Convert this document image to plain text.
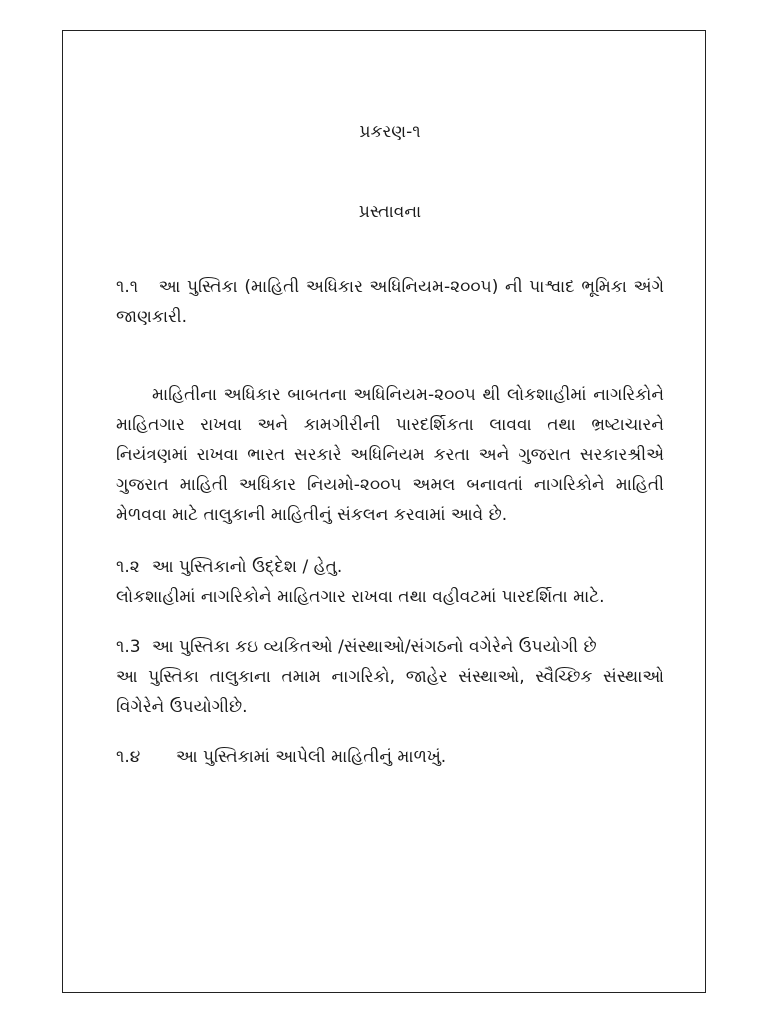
પ્રકરણ-૧

પ્રસ્તાવના

૧.૧ આ પુસ્તિકા (માહિતી અધિકાર અધિનિયમ-૨૦૦૫) ની પાશ્વાદ ભૂમિકા અંગે જાણકારી.

માહિતીના અધિકાર બાબતના અધિનિયમ-૨૦૦૫ થી લોકશાહીમાં નાગરિકોને માહિતગાર રાખવા અને કામગીરીની પારદર્શિકતા લાવવા તથા ભ્રષ્ટાચારને નિયંત્રણમાં રાખવા ભારત સરકારે અધિનિયમ કરતા અને ગુજરાત સરકારશ્રીએ ગુજરાત માહિતી અધિકાર નિયમો-૨૦૦૫ અમલ બનાવતાં નાગરિકોને માહિતી મેળવવા માટે તાલુકાની માહિતીનું સંકલન કરવામાં આવે છે.

૧.૨ આ પુસ્તિકાનો ઉદ્દેશ / હેતુ.
લોકશાહીમાં નાગરિકોને માહિતગાર રાખવા તથા વહીવટમાં પારદર્શિતા માટે.

૧.3 આ પુસ્તિકા કઇ વ્યકિતઓ /સંસ્થાઓ/સંગઠનો વગેરેને ઉપયોગી છે
આ પુસ્તિકા તાલુકાના તમામ નાગરિકો, જાહેર સંસ્થાઓ, સ્વૈચ્છિક સંસ્થાઓ વિગેરેને ઉપયોગીછે.

૧.૪ આ પુસ્તિકામાં આપેલી માહિતીનું માળખું.
